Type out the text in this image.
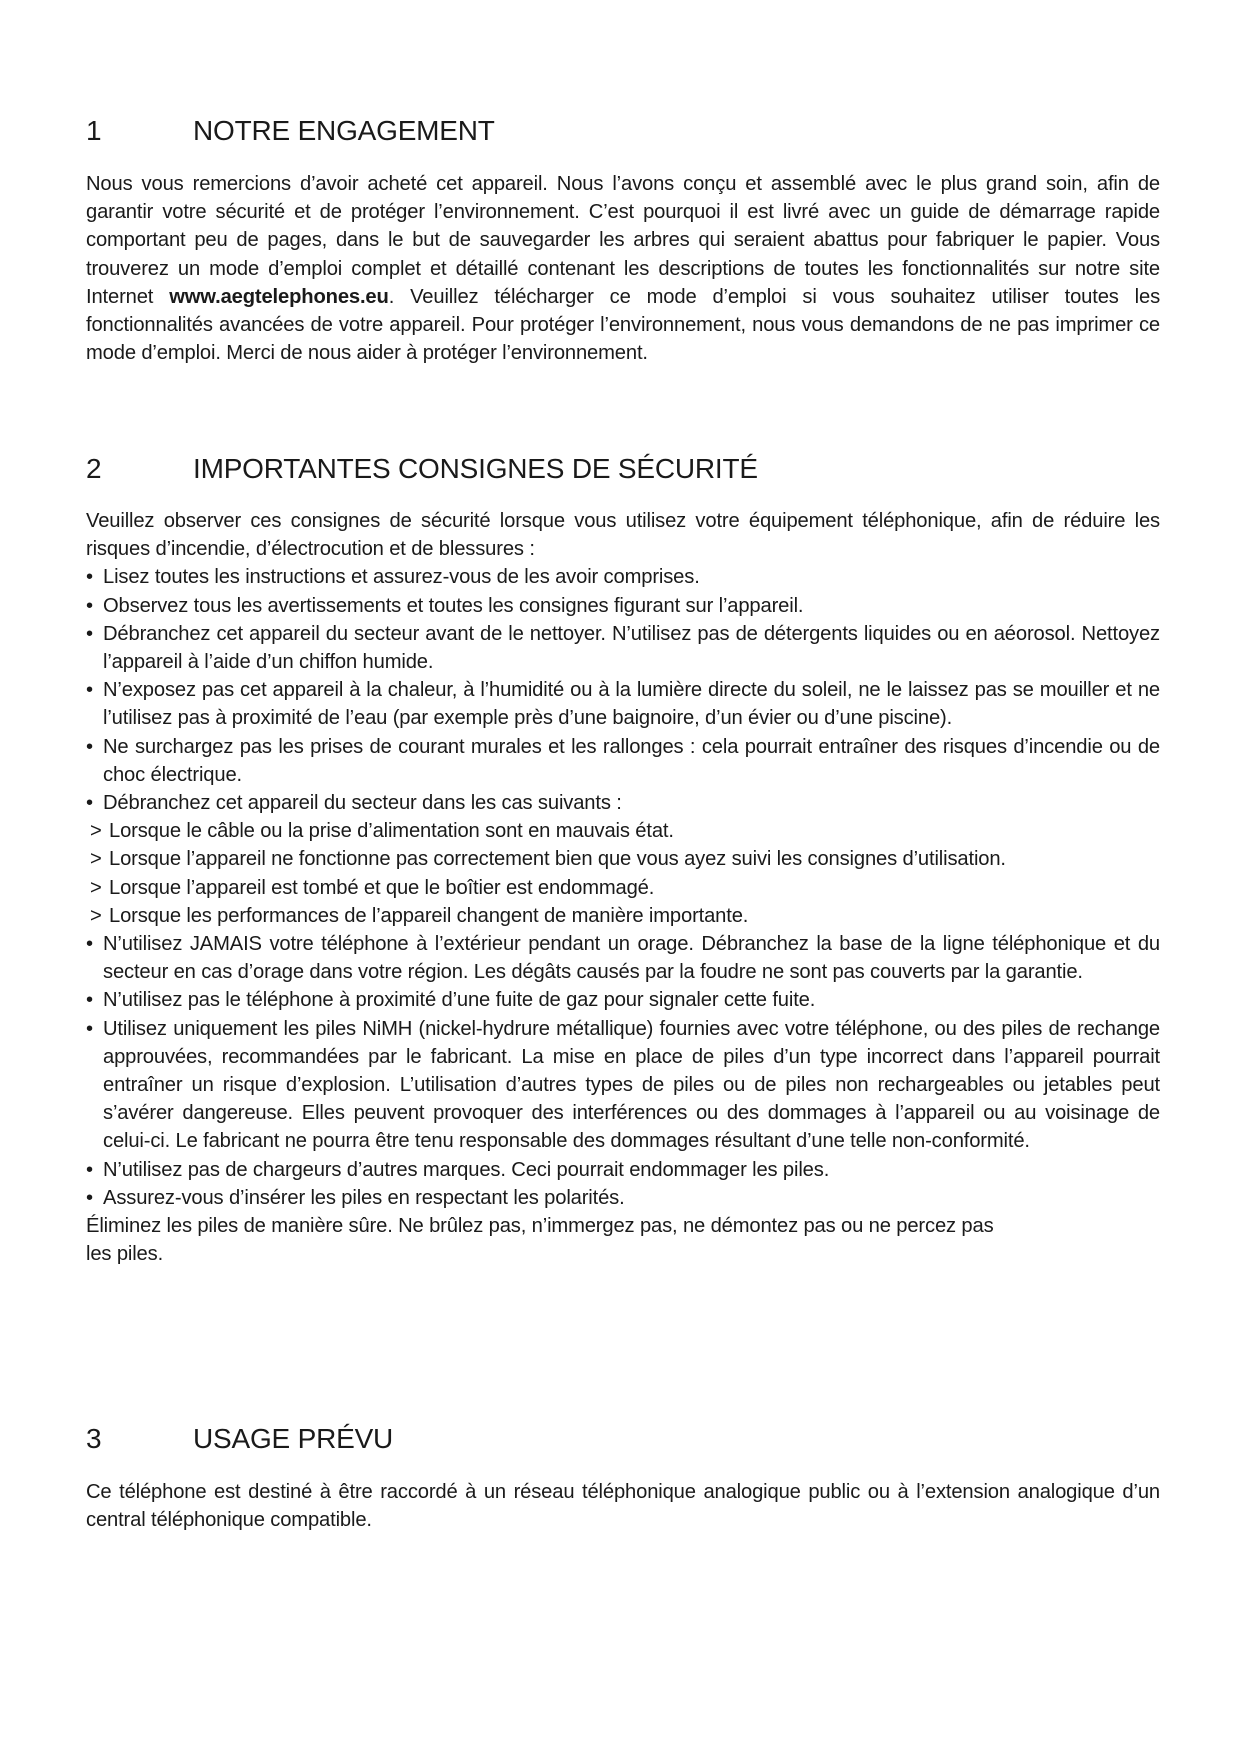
1	NOTRE ENGAGEMENT
Nous vous remercions d’avoir acheté cet appareil. Nous l’avons conçu et assemblé avec le plus grand soin, afin de garantir votre sécurité et de protéger l’environnement. C’est pourquoi il est livré avec un guide de démarrage rapide comportant peu de pages, dans le but de sauvegarder les arbres qui seraient abattus pour fabriquer le papier. Vous trouverez un mode d’emploi complet et détaillé contenant les descriptions de toutes les fonctionnalités sur notre site Internet www.aegtelephones.eu. Veuillez télécharger ce mode d’emploi si vous souhaitez utiliser toutes les fonctionnalités avancées de votre appareil. Pour protéger l’environnement, nous vous demandons de ne pas imprimer ce mode d’emploi. Merci de nous aider à protéger l’environnement.
2	IMPORTANTES CONSIGNES DE SÉCURITÉ
Veuillez observer ces consignes de sécurité lorsque vous utilisez votre équipement téléphonique, afin de réduire les risques d’incendie, d’électrocution et de blessures :
• Lisez toutes les instructions et assurez-vous de les avoir comprises.
• Observez tous les avertissements et toutes les consignes figurant sur l’appareil.
• Débranchez cet appareil du secteur avant de le nettoyer. N’utilisez pas de détergents liquides ou en aéorosol. Nettoyez l’appareil à l’aide d’un chiffon humide.
• N’exposez pas cet appareil à la chaleur, à l’humidité ou à la lumière directe du soleil, ne le laissez pas se mouiller et ne l’utilisez pas à proximité de l’eau (par exemple près d’une baignoire, d’un évier ou d’une piscine).
• Ne surchargez pas les prises de courant murales et les rallonges : cela pourrait entraîner des risques d’incendie ou de choc électrique.
• Débranchez cet appareil du secteur dans les cas suivants :
> Lorsque le câble ou la prise d’alimentation sont en mauvais état.
> Lorsque l’appareil ne fonctionne pas correctement bien que vous ayez suivi les consignes d’utilisation.
> Lorsque l’appareil est tombé et que le boîtier est endommagé.
> Lorsque les performances de l’appareil changent de manière importante.
• N’utilisez JAMAIS votre téléphone à l’extérieur pendant un orage. Débranchez la base de la ligne téléphonique et du secteur en cas d’orage dans votre région. Les dégâts causés par la foudre ne sont pas couverts par la garantie.
• N’utilisez pas le téléphone à proximité d’une fuite de gaz pour signaler cette fuite.
• Utilisez uniquement les piles NiMH (nickel-hydrure métallique) fournies avec votre téléphone, ou des piles de rechange approuvées, recommandées par le fabricant. La mise en place de piles d’un type incorrect dans l’appareil pourrait entraîner un risque d’explosion. L’utilisation d’autres types de piles ou de piles non rechargeables ou jetables peut s’avérer dangereuse. Elles peuvent provoquer des interférences ou des dommages à l’appareil ou au voisinage de celui-ci. Le fabricant ne pourra être tenu responsable des dommages résultant d’une telle non-conformité.
• N’utilisez pas de chargeurs d’autres marques. Ceci pourrait endommager les piles.
• Assurez-vous d’insérer les piles en respectant les polarités.
Éliminez les piles de manière sûre. Ne brûlez pas, n’immergez pas, ne démontez pas ou ne percez pas
les piles.
3	USAGE PRÉVU
Ce téléphone est destiné à être raccordé à un réseau téléphonique analogique public ou à l’extension analogique d’un central téléphonique compatible.
